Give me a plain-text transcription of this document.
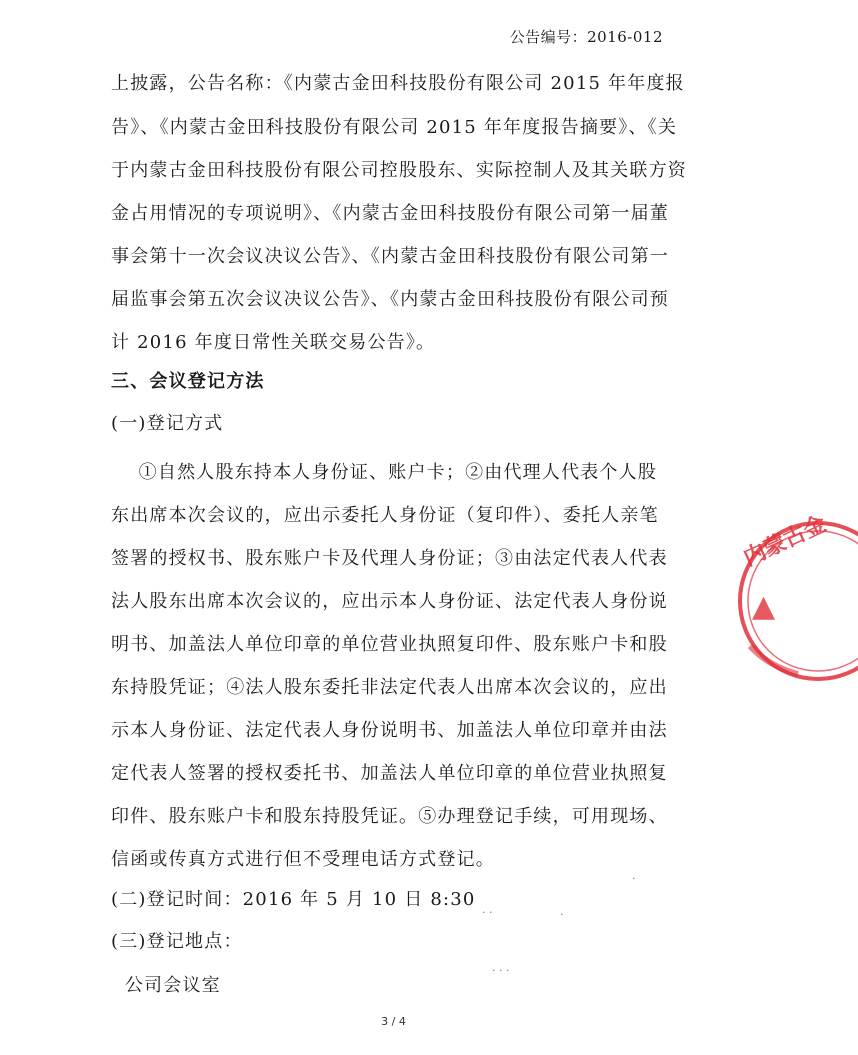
公告编号：2016-012
上披露，公告名称：《内蒙古金田科技股份有限公司 2015 年年度报
告》、《内蒙古金田科技股份有限公司 2015 年年度报告摘要》、《关
于内蒙古金田科技股份有限公司控股股东、实际控制人及其关联方资
金占用情况的专项说明》、《内蒙古金田科技股份有限公司第一届董
事会第十一次会议决议公告》、《内蒙古金田科技股份有限公司第一
届监事会第五次会议决议公告》、《内蒙古金田科技股份有限公司预
计 2016 年度日常性关联交易公告》。
三、会议登记方法
(一)登记方式
①自然人股东持本人身份证、账户卡；②由代理人代表个人股
东出席本次会议的，应出示委托人身份证（复印件）、委托人亲笔
签署的授权书、股东账户卡及代理人身份证；③由法定代表人代表
法人股东出席本次会议的，应出示本人身份证、法定代表人身份说
明书、加盖法人单位印章的单位营业执照复印件、股东账户卡和股
东持股凭证；④法人股东委托非法定代表人出席本次会议的，应出
示本人身份证、法定代表人身份说明书、加盖法人单位印章并由法
定代表人签署的授权委托书、加盖法人单位印章的单位营业执照复
印件、股东账户卡和股东持股凭证。⑤办理登记手续，可用现场、
信函或传真方式进行但不受理电话方式登记。
(二)登记时间：2016 年 5 月 10 日 8:30
(三)登记地点：
公司会议室
3 / 4
· ·	·
· · ·
·
内蒙古金
▲
